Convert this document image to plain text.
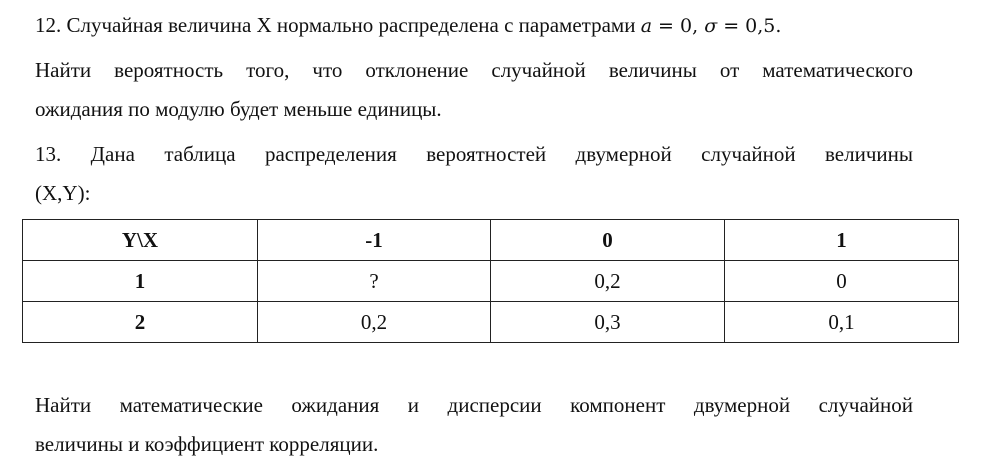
12. Случайная величина X нормально распределена с параметрами a = 0, σ = 0,5.
Найти вероятность того, что отклонение случайной величины от математического
ожидания по модулю будет меньше единицы.
13. Дана таблица распределения вероятностей двумерной случайной величины
(X,Y):
Y\X	-1	0	1
1	?	0,2	0
2	0,2	0,3	0,1
Найти математические ожидания и дисперсии компонент двумерной случайной
величины и коэффициент корреляции.
